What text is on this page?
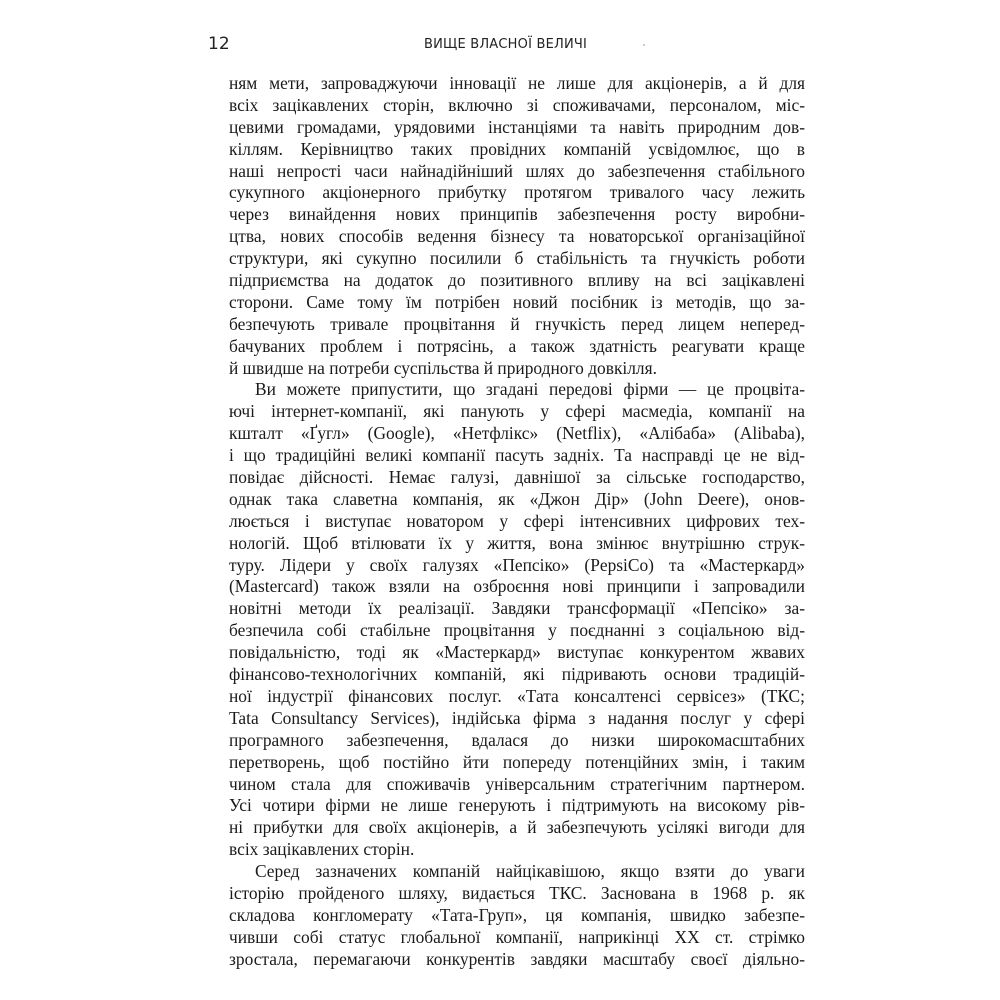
12	ВИЩЕ ВЛАСНОЇ ВЕЛИЧІ
ням мети, запроваджуючи інновації не лише для акціонерів, а й для
всіх зацікавлених сторін, включно зі споживачами, персоналом, міс-
цевими громадами, урядовими інстанціями та навіть природним дов-
кіллям. Керівництво таких провідних компаній усвідомлює, що в
наші непрості часи найнадійніший шлях до забезпечення стабільного
сукупного акціонерного прибутку протягом тривалого часу лежить
через винайдення нових принципів забезпечення росту виробни-
цтва, нових способів ведення бізнесу та новаторської організаційної
структури, які сукупно посилили б стабільність та гнучкість роботи
підприємства на додаток до позитивного впливу на всі зацікавлені
сторони. Саме тому їм потрібен новий посібник із методів, що за-
безпечують тривале процвітання й гнучкість перед лицем неперед-
бачуваних проблем і потрясінь, а також здатність реагувати краще
й швидше на потреби суспільства й природного довкілля.
Ви можете припустити, що згадані передові фірми — це процвіта-
ючі інтернет-компанії, які панують у сфері масмедіа, компанії на
кшталт «Ґугл» (Google), «Нетфлікс» (Netflix), «Алібаба» (Alibaba),
і що традиційні великі компанії пасуть задніх. Та насправді це не від-
повідає дійсності. Немає галузі, давнішої за сільське господарство,
однак така славетна компанія, як «Джон Дір» (John Deere), онов-
люється і виступає новатором у сфері інтенсивних цифрових тех-
нологій. Щоб втілювати їх у життя, вона змінює внутрішню струк-
туру. Лідери у своїх галузях «Пепсіко» (PepsiCo) та «Мастеркард»
(Mastercard) також взяли на озброєння нові принципи і запровадили
новітні методи їх реалізації. Завдяки трансформації «Пепсіко» за-
безпечила собі стабільне процвітання у поєднанні з соціальною від-
повідальністю, тоді як «Мастеркард» виступає конкурентом жвавих
фінансово-технологічних компаній, які підривають основи традицій-
ної індустрії фінансових послуг. «Тата консалтенсі сервісез» (ТКС;
Tata Consultancy Services), індійська фірма з надання послуг у сфері
програмного забезпечення, вдалася до низки широкомасштабних
перетворень, щоб постійно йти попереду потенційних змін, і таким
чином стала для споживачів універсальним стратегічним партнером.
Усі чотири фірми не лише генерують і підтримують на високому рів-
ні прибутки для своїх акціонерів, а й забезпечують усілякі вигоди для
всіх зацікавлених сторін.
Серед зазначених компаній найцікавішою, якщо взяти до уваги
історію пройденого шляху, видається ТКС. Заснована в 1968 р. як
складова конгломерату «Тата-Груп», ця компанія, швидко забезпе-
чивши собі статус глобальної компанії, наприкінці XX ст. стрімко
зростала, перемагаючи конкурентів завдяки масштабу своєї діяльно-
